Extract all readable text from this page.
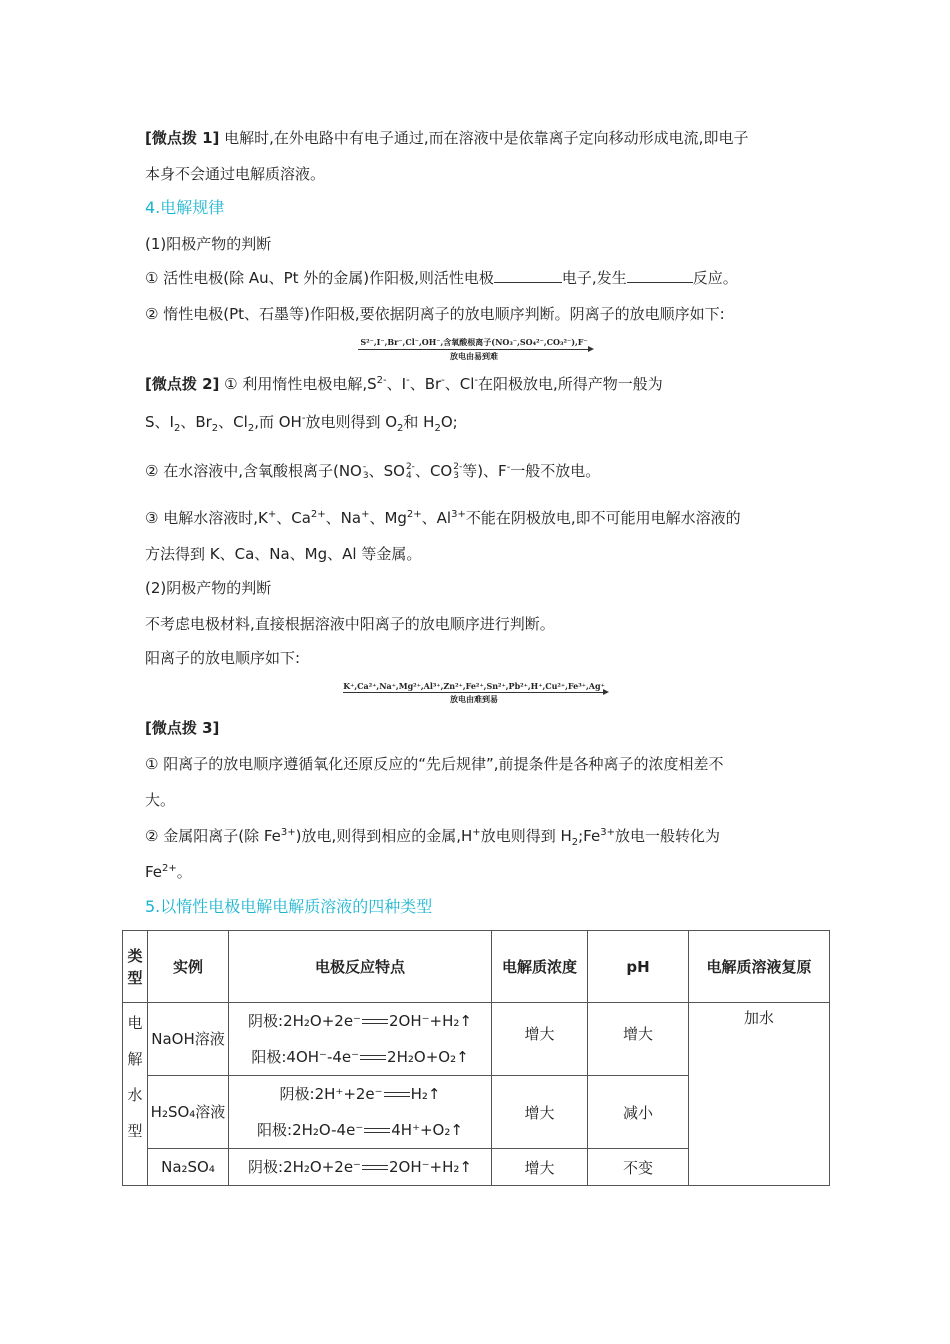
[微点拨 1] 电解时,在外电路中有电子通过,而在溶液中是依靠离子定向移动形成电流,即电子
本身不会通过电解质溶液。
4.电解规律
(1)阳极产物的判断
① 活性电极(除 Au、Pt 外的金属)作阳极,则活性电极	电子,发生	反应。
② 惰性电极(Pt、石墨等)作阳极,要依据阴离子的放电顺序判断。阴离子的放电顺序如下:
S²⁻,I⁻,Br⁻,Cl⁻,OH⁻,含氧酸根离子(NO₃⁻,SO₄²⁻,CO₃²⁻),F⁻
放电由易到难
[微点拨 2] ① 利用惰性电极电解$,S^{2-}$、I-、Br-、Cl-在阳极放电,所得产物一般为
S、$I_2$、$Br_2$、$Cl_2$,而 OH-放电则得到 $O_2$和 $H_2O$;
② 在水溶液中,含氧酸根离子(NO -
3 、SO 2-
4 、CO 2-
3 等)、F-一般不放电。
③ 电解水溶液时,K+、$Ca^{2+}$、Na+、$Mg^{2+}$、$Al^{3+}$不能在阴极放电,即不可能用电解水溶液的
方法得到 K、Ca、Na、Mg、Al 等金属。
(2)阴极产物的判断
不考虑电极材料,直接根据溶液中阳离子的放电顺序进行判断。
阳离子的放电顺序如下:
K⁺,Ca²⁺,Na⁺,Mg²⁺,Al³⁺,Zn²⁺,Fe²⁺,Sn²⁺,Pb²⁺,H⁺,Cu²⁺,Fe³⁺,Ag⁺
放电由难到易
[微点拨 3]
① 阳离子的放电顺序遵循氧化还原反应的“先后规律”,前提条件是各种离子的浓度相差不
大。
② 金属阳离子(除 $Fe^{3+}$)放电,则得到相应的金属,H+放电则得到 $H_2;Fe^{3+}$放电一般转化为
$Fe^{2+}$。
5.以惰性电极电解电解质溶液的四种类型
类型	实例	电极反应特点	电解质浓度	pH	电解质溶液复原
电解水型	NaOH溶液	阴极:2H₂O+2e⁻ 2OH⁻+H₂↑
阳极:4OH⁻-4e⁻ 2H₂O+O₂↑	增大	增大	加水
	H₂SO₄溶液	阴极:2H⁺+2e⁻ H₂↑
阳极:2H₂O-4e⁻ 4H⁺+O₂↑	增大	减小	
	Na₂SO₄	阴极:2H₂O+2e⁻ 2OH⁻+H₂↑	增大	不变	
